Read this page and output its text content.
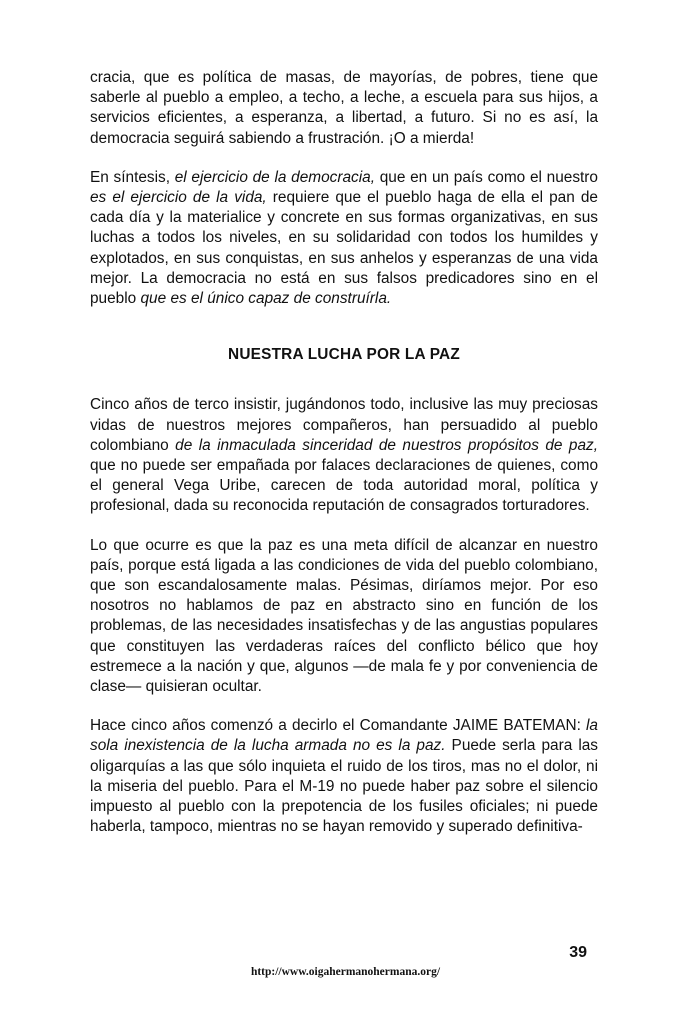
cracia, que es política de masas, de mayorías, de pobres, tiene que saberle al pueblo a empleo, a techo, a leche, a escuela para sus hijos, a servicios eficientes, a esperanza, a libertad, a futuro. Si no es así, la democracia seguirá sabiendo a frustración. ¡O a mierda!

En síntesis, el ejercicio de la democracia, que en un país como el nuestro es el ejercicio de la vida, requiere que el pueblo haga de ella el pan de cada día y la materialice y concrete en sus formas organizativas, en sus luchas a todos los niveles, en su solidaridad con todos los humildes y explotados, en sus conquistas, en sus anhelos y esperanzas de una vida mejor. La democracia no está en sus falsos predicadores sino en el pueblo que es el único capaz de construírla.

NUESTRA LUCHA POR LA PAZ

Cinco años de terco insistir, jugándonos todo, inclusive las muy preciosas vidas de nuestros mejores compañeros, han persuadido al pueblo colombiano de la inmaculada sinceridad de nuestros propósitos de paz, que no puede ser empañada por falaces declaraciones de quienes, como el general Vega Uribe, carecen de toda autoridad moral, política y profesional, dada su reconocida reputación de consagrados torturadores.

Lo que ocurre es que la paz es una meta difícil de alcanzar en nuestro país, porque está ligada a las condiciones de vida del pueblo colombiano, que son escandalosamente malas. Pésimas, diríamos mejor. Por eso nosotros no hablamos de paz en abstracto sino en función de los problemas, de las necesidades insatisfechas y de las angustias populares que constituyen las verdaderas raíces del conflicto bélico que hoy estremece a la nación y que, algunos —de mala fe y por conveniencia de clase— quisieran ocultar.

Hace cinco años comenzó a decirlo el Comandante JAIME BATEMAN: la sola inexistencia de la lucha armada no es la paz. Puede serla para las oligarquías a las que sólo inquieta el ruido de los tiros, mas no el dolor, ni la miseria del pueblo. Para el M-19 no puede haber paz sobre el silencio impuesto al pueblo con la prepotencia de los fusiles oficiales; ni puede haberla, tampoco, mientras no se hayan removido y superado definitiva-

39
http://www.oigahermanohermana.org/
